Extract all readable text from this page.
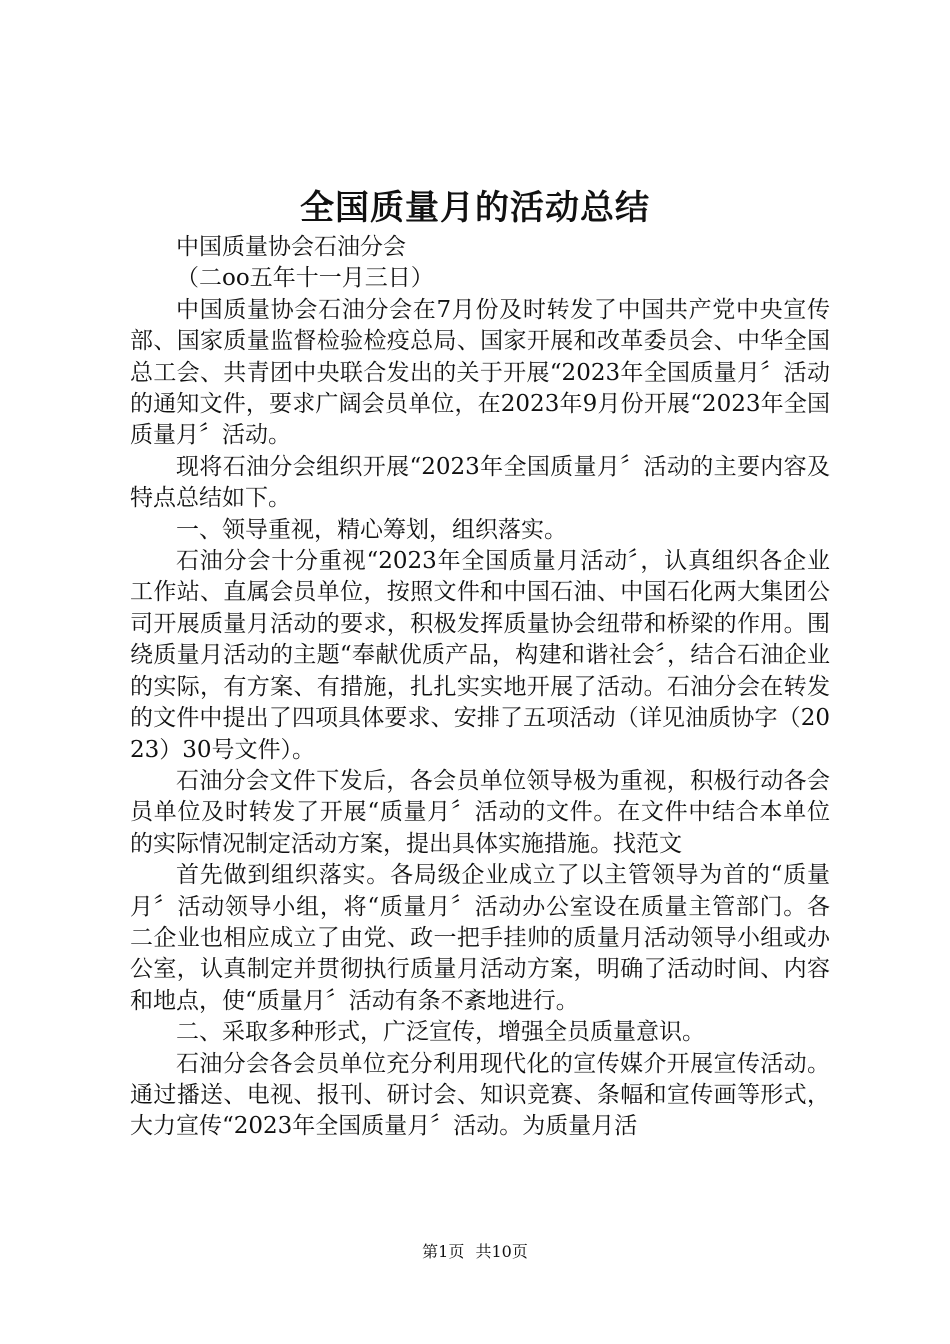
全国质量月的活动总结

中国质量协会石油分会

（二oo五年十一月三日）

中国质量协会石油分会在7月份及时转发了中国共产党中央宣传部、国家质量监督检验检疫总局、国家开展和改革委员会、中华全国总工会、共青团中央联合发出的关于开展“2023年全国质量月〞活动的通知文件，要求广阔会员单位，在2023年9月份开展“2023年全国质量月〞活动。

现将石油分会组织开展“2023年全国质量月〞活动的主要内容及特点总结如下。

一、领导重视，精心筹划，组织落实。

石油分会十分重视“2023年全国质量月活动〞，认真组织各企业工作站、直属会员单位，按照文件和中国石油、中国石化两大集团公司开展质量月活动的要求，积极发挥质量协会纽带和桥梁的作用。围绕质量月活动的主题“奉献优质产品，构建和谐社会〞，结合石油企业的实际，有方案、有措施，扎扎实实地开展了活动。石油分会在转发的文件中提出了四项具体要求、安排了五项活动（详见油质协字（2023）30号文件）。

石油分会文件下发后，各会员单位领导极为重视，积极行动各会员单位及时转发了开展“质量月〞活动的文件。在文件中结合本单位的实际情况制定活动方案，提出具体实施措施。找范文

首先做到组织落实。各局级企业成立了以主管领导为首的“质量月〞活动领导小组，将“质量月〞活动办公室设在质量主管部门。各二企业也相应成立了由党、政一把手挂帅的质量月活动领导小组或办公室，认真制定并贯彻执行质量月活动方案，明确了活动时间、内容和地点，使“质量月〞活动有条不紊地进行。

二、采取多种形式，广泛宣传，增强全员质量意识。

石油分会各会员单位充分利用现代化的宣传媒介开展宣传活动。通过播送、电视、报刊、研讨会、知识竞赛、条幅和宣传画等形式，大力宣传“2023年全国质量月〞活动。为质量月活

第1页 共10页
